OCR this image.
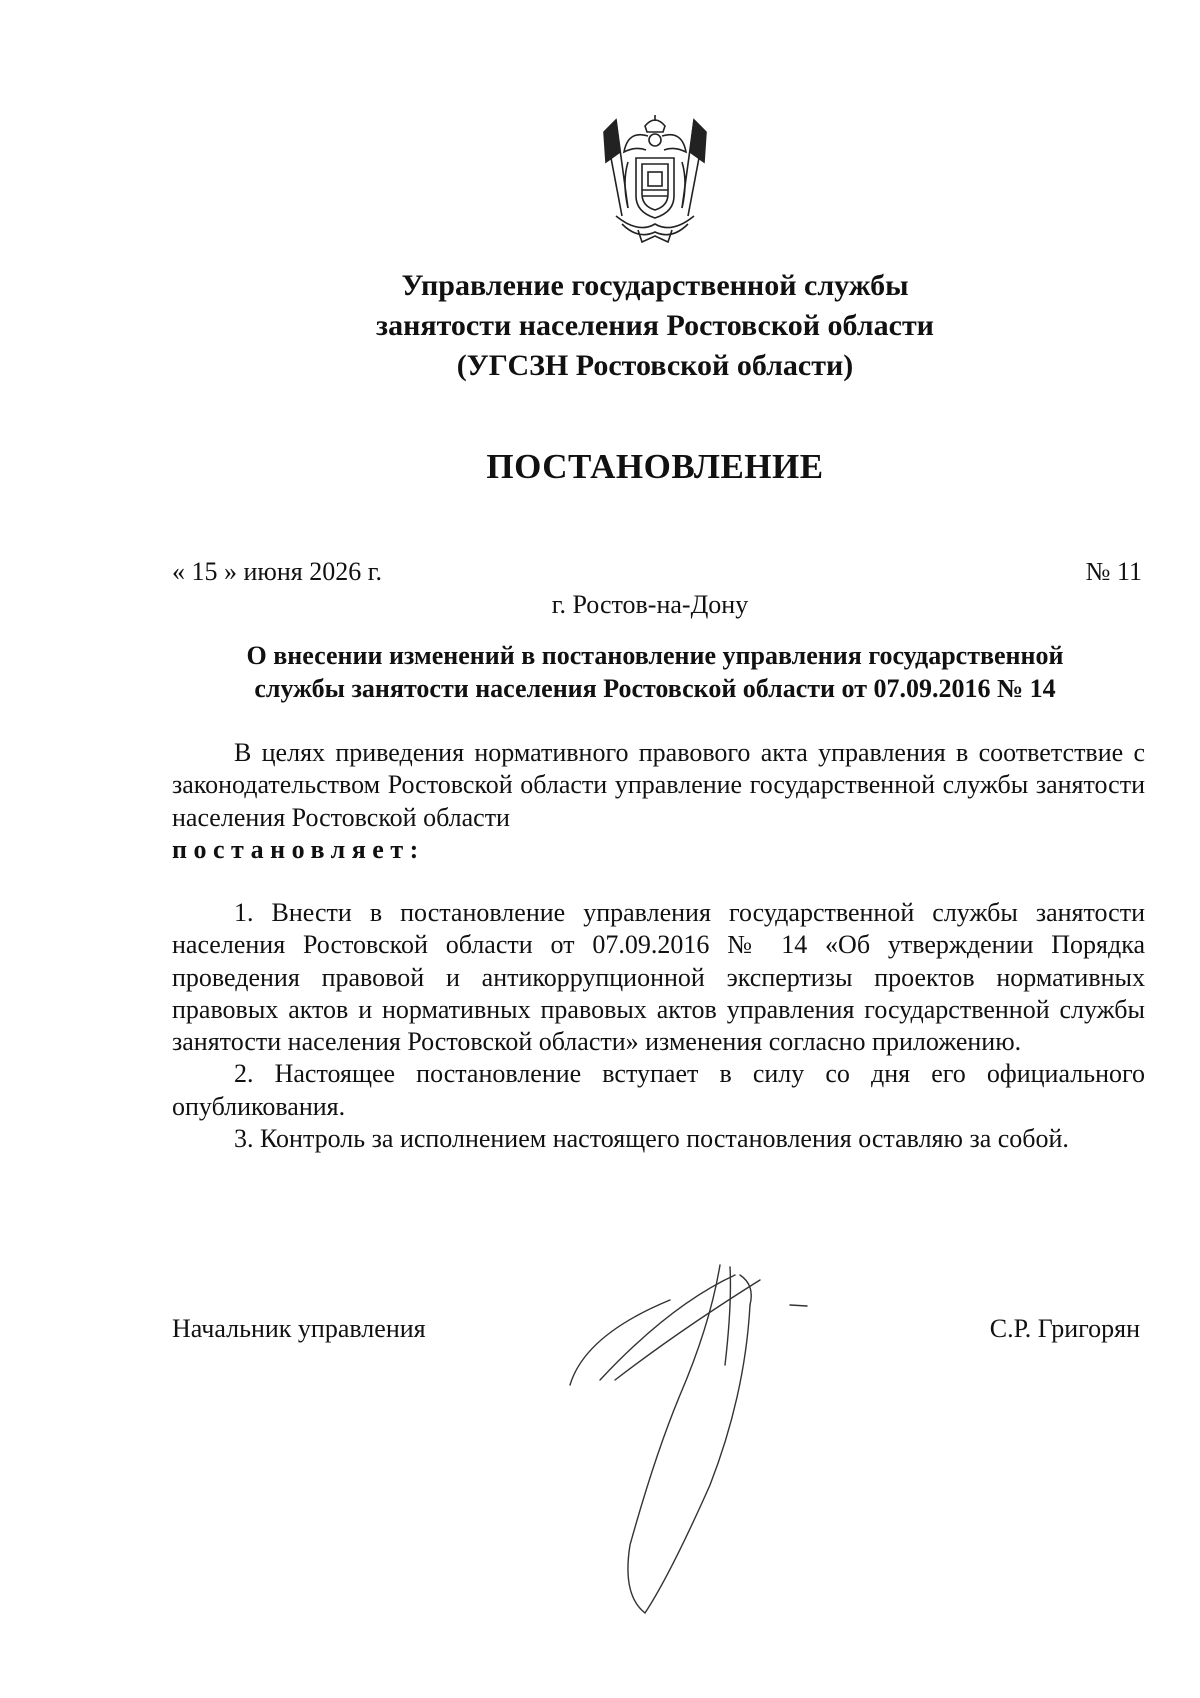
Управление государственной службы
занятости населения Ростовской области
(УГСЗН Ростовской области)
ПОСТАНОВЛЕНИЕ
« 15 » июня 2026 г.	№ 11
г. Ростов-на-Дону
О внесении изменений в постановление управления государственной
службы занятости населения Ростовской области от 07.09.2016 № 14

В целях приведения нормативного правового акта управления в соответствие с законодательством Ростовской области управление государственной службы занятости населения Ростовской области
постановляет:

1. Внести в постановление управления государственной службы занятости населения Ростовской области от 07.09.2016 № 14 «Об утверждении Порядка проведения правовой и антикоррупционной экспертизы проектов нормативных правовых актов и нормативных правовых актов управления государственной службы занятости населения Ростовской области» изменения согласно приложению.

2. Настоящее постановление вступает в силу со дня его официального опубликования.

3. Контроль за исполнением настоящего постановления оставляю за собой.

Начальник управления	С.Р. Григорян
